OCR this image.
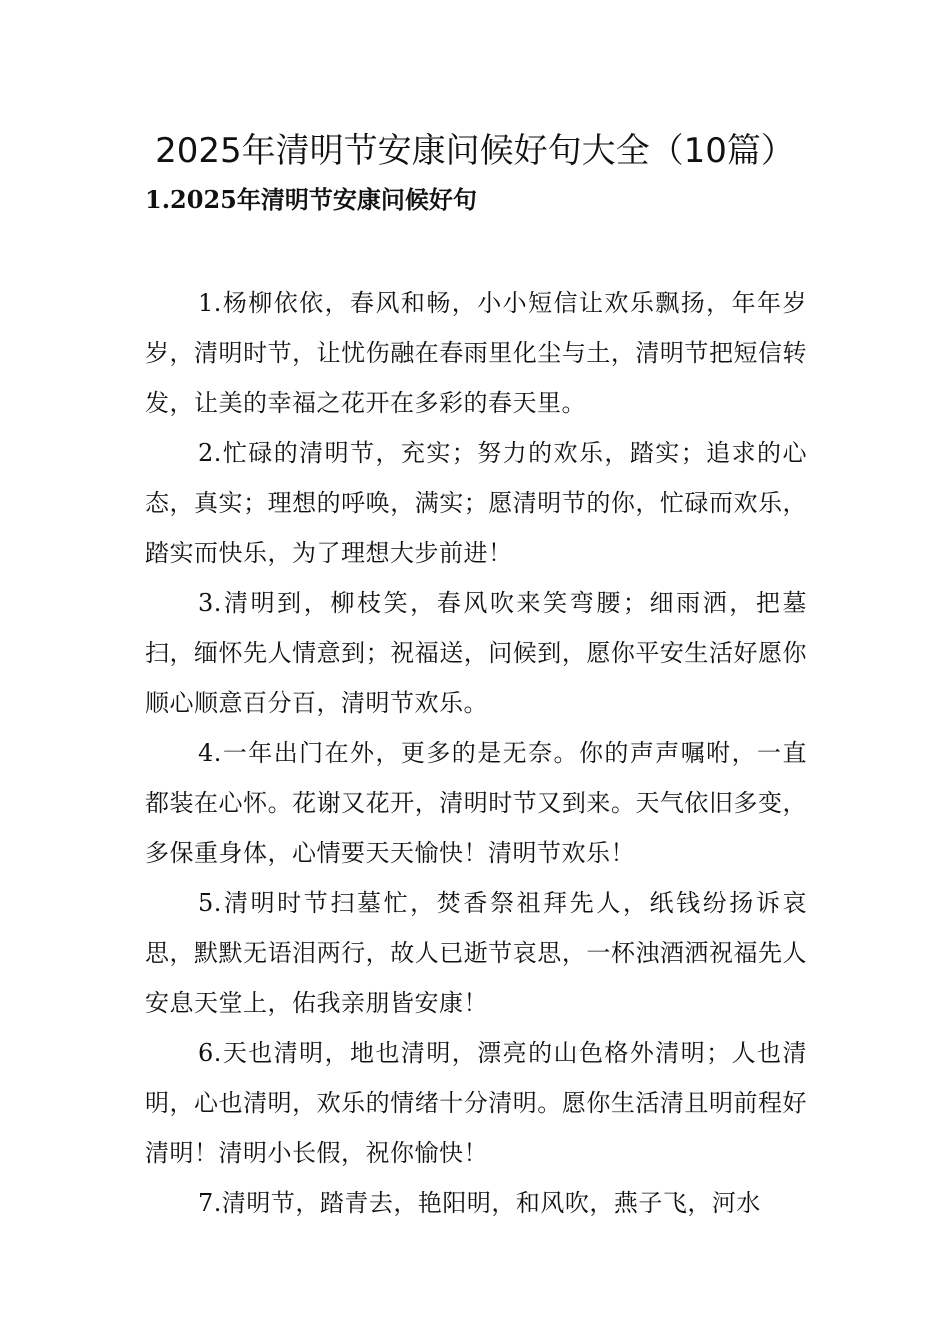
2025年清明节安康问候好句大全（10篇）
1.2025年清明节安康问候好句

1.杨柳依依，春风和畅，小小短信让欢乐飘扬，年年岁岁，清明时节，让忧伤融在春雨里化尘与土，清明节把短信转发，让美的幸福之花开在多彩的春天里。

2.忙碌的清明节，充实；努力的欢乐，踏实；追求的心态，真实；理想的呼唤，满实；愿清明节的你，忙碌而欢乐，踏实而快乐，为了理想大步前进！

3.清明到，柳枝笑，春风吹来笑弯腰；细雨洒，把墓扫，缅怀先人情意到；祝福送，问候到，愿你平安生活好愿你顺心顺意百分百，清明节欢乐。

4.一年出门在外，更多的是无奈。你的声声嘱咐，一直都装在心怀。花谢又花开，清明时节又到来。天气依旧多变，多保重身体，心情要天天愉快！清明节欢乐！

5.清明时节扫墓忙，焚香祭祖拜先人，纸钱纷扬诉哀思，默默无语泪两行，故人已逝节哀思，一杯浊酒洒祝福先人安息天堂上，佑我亲朋皆安康！

6.天也清明，地也清明，漂亮的山色格外清明；人也清明，心也清明，欢乐的情绪十分清明。愿你生活清且明前程好清明！清明小长假，祝你愉快！

7.清明节，踏青去，艳阳明，和风吹，燕子飞，河水
